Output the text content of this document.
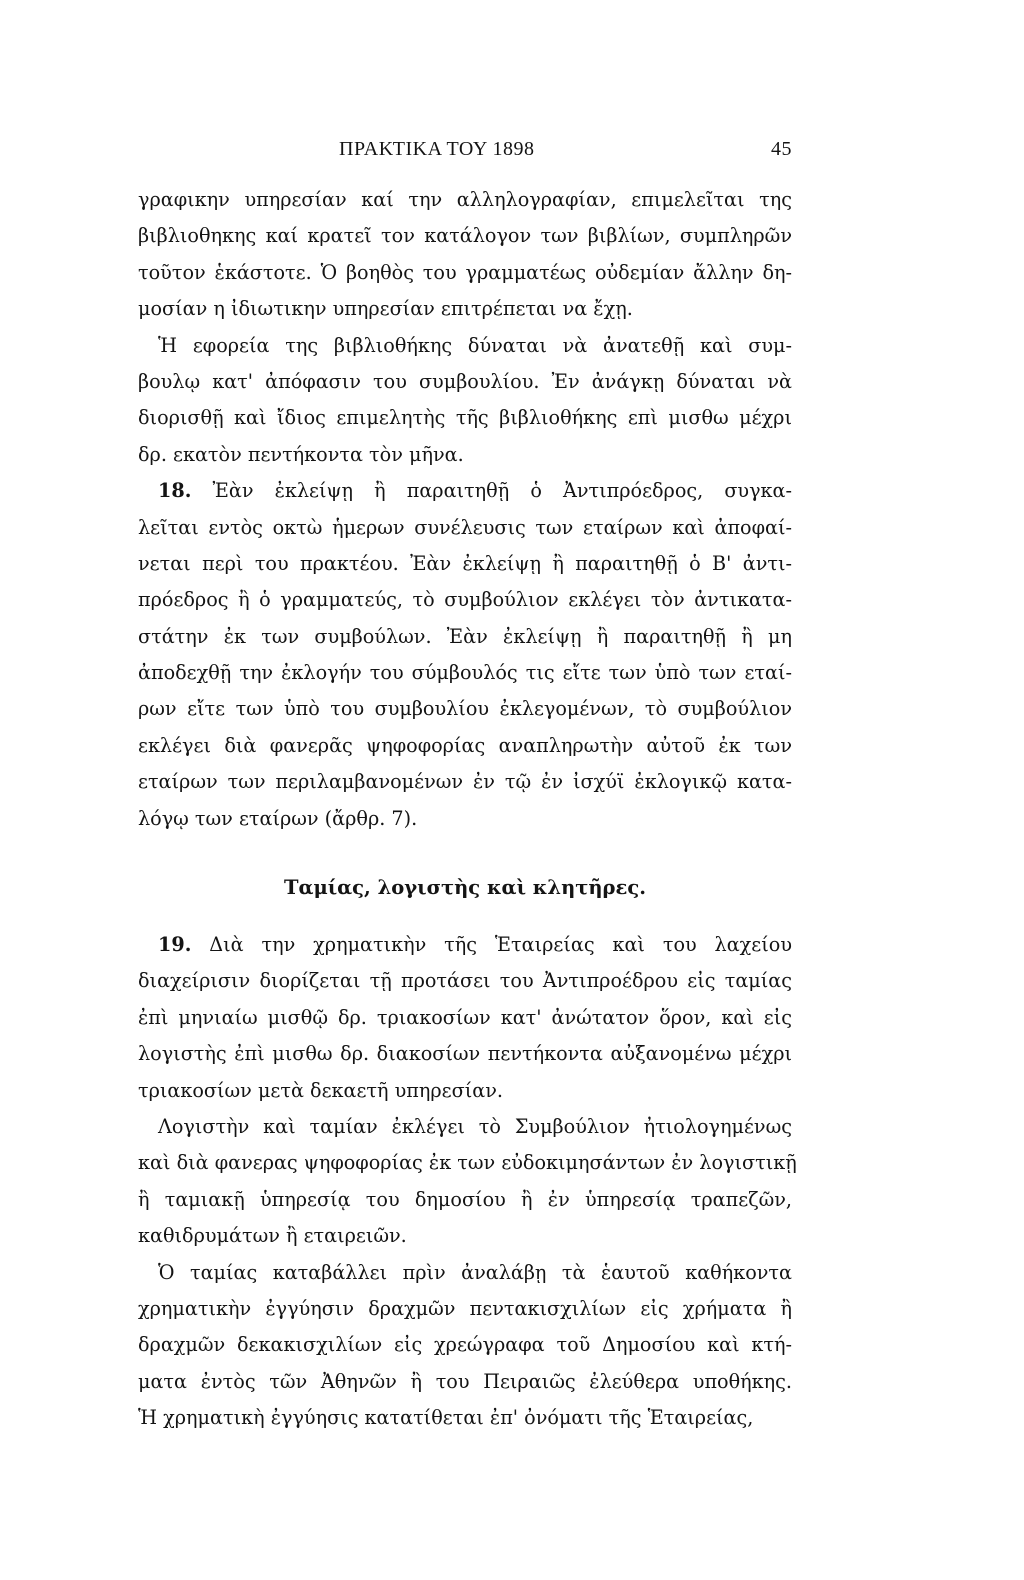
ΠΡΑΚΤΙΚΑ ΤΟΥ 1898	45
γραφικην υπηρεσίαν καί την αλληλογραφίαν, επιμελεῖται της
βιβλιοθηκης καί κρατεῖ τον κατάλογον των βιβλίων, συμπληρῶν
τοῦτον ἑκάστοτε. Ὁ βοηθὸς του γραμματέως οὐδεμίαν ἄλλην δη-
μοσίαν η ἰδιωτικην υπηρεσίαν επιτρέπεται να ἔχῃ.
Ἡ εφορεία της βιβλιοθήκης δύναται νὰ ἀνατεθῇ καὶ συμ-
βουλῳ κατ' ἀπόφασιν του συμβουλίου. Ἐν ἀνάγκῃ δύναται νὰ
διορισθῇ καὶ ἴδιος επιμελητὴς τῆς βιβλιοθήκης επὶ μισθω μέχρι
δρ. εκατὸν πεντήκοντα τὸν μῆνα.
18. Ἐὰν ἐκλείψῃ ἢ παραιτηθῇ ὁ Ἀντιπρόεδρος, συγκα-
λεῖται εντὸς οκτὼ ἡμερων συνέλευσις των εταίρων καὶ ἀποφαί-
νεται περὶ του πρακτέου. Ἐὰν ἐκλείψῃ ἢ παραιτηθῇ ὁ Β' ἀντι-
πρόεδρος ἢ ὁ γραμματεύς, τὸ συμβούλιον εκλέγει τὸν ἀντικατα-
στάτην ἐκ των συμβούλων. Ἐὰν ἐκλείψῃ ἢ παραιτηθῇ ἢ μη
ἀποδεχθῇ την ἐκλογήν του σύμβουλός τις εἴτε των ὑπὸ των εταί-
ρων εἴτε των ὑπὸ του συμβουλίου ἐκλεγομένων, τὸ συμβούλιον
εκλέγει διὰ φανερᾶς ψηφοφορίας αναπληρωτὴν αὐτοῦ ἐκ των
εταίρων των περιλαμβανομένων ἐν τῷ ἐν ἰσχύϊ ἐκλογικῷ κατα-
λόγῳ των εταίρων (ἄρθρ. 7).
Ταμίας, λογιστὴς καὶ κλητῆρες.
19. Διὰ την χρηματικὴν τῆς Ἑταιρείας καὶ του λαχείου
διαχείρισιν διορίζεται τῇ προτάσει του Ἀντιπροέδρου εἰς ταμίας
ἐπὶ μηνιαίω μισθῷ δρ. τριακοσίων κατ' ἀνώτατον ὅρον, καὶ εἰς
λογιστὴς ἐπὶ μισθω δρ. διακοσίων πεντήκοντα αὐξανομένω μέχρι
τριακοσίων μετὰ δεκαετῆ υπηρεσίαν.
Λογιστὴν καὶ ταμίαν ἐκλέγει τὸ Συμβούλιον ἠτιολογημένως
καὶ διὰ φανερας ψηφοφορίας ἐκ των εὐδοκιμησάντων ἐν λογιστικῇ
ἢ ταμιακῇ ὑπηρεσίᾳ του δημοσίου ἢ ἐν ὑπηρεσίᾳ τραπεζῶν,
καθιδρυμάτων ἢ εταιρειῶν.
Ὁ ταμίας καταβάλλει πρὶν ἀναλάβῃ τὰ ἑαυτοῦ καθήκοντα
χρηματικὴν ἐγγύησιν δραχμῶν πεντακισχιλίων εἰς χρήματα ἢ
δραχμῶν δεκακισχιλίων εἰς χρεώγραφα τοῦ Δημοσίου καὶ κτή-
ματα ἐντὸς τῶν Ἀθηνῶν ἢ του Πειραιῶς ἐλεύθερα υποθήκης.
Ἡ χρηματικὴ ἐγγύησις κατατίθεται ἐπ' ὀνόματι τῆς Ἑταιρείας,
